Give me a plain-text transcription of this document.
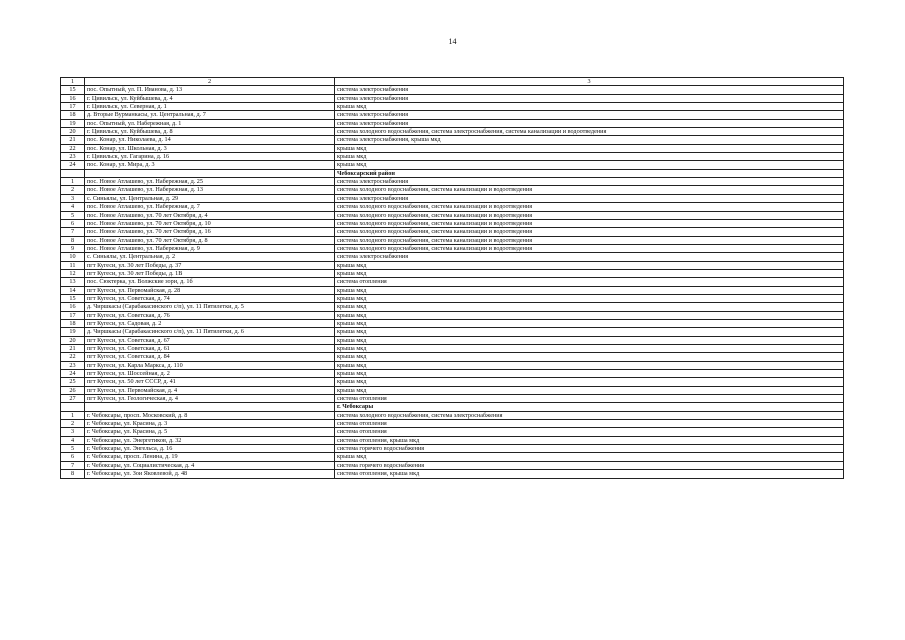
14
1	2	3
15	пос. Опытный, ул. П. Иванова, д. 13	система электроснабжения
16	г. Цивильск, ул. Куйбышева, д. 4	система электроснабжения
17	г. Цивильск, ул. Северная, д. 1	крыша мкд
18	д. Вторые Вурманкасы, ул. Центральная, д. 7	система электроснабжения
19	пос. Опытный, ул. Набережная, д. 1	система электроснабжения
20	г. Цивильск, ул. Куйбышева, д. 8	система холодного водоснабжения, система электроснабжения, система канализации и водоотведения
21	пос. Конар, ул. Николаева, д. 14	система электроснабжения, крыша мкд
22	пос. Конар, ул. Школьная, д. 3	крыша мкд
23	г. Цивильск, ул. Гагарина, д. 16	крыша мкд
24	пос. Конар, ул. Мира, д. 3	крыша мкд
		Чебоксарский район
1	пос. Новое Атлашево, ул. Набережная, д. 25	система электроснабжения
2	пос. Новое Атлашево, ул. Набережная, д. 13	система холодного водоснабжения, система канализации и водоотведения
3	с. Синьялы, ул. Центральная, д. 29	система электроснабжения
4	пос. Новое Атлашево, ул. Набережная, д. 7	система холодного водоснабжения, система канализации и водоотведения
5	пос. Новое Атлашево, ул. 70 лет Октября, д. 4	система холодного водоснабжения, система канализации и водоотведения
6	пос. Новое Атлашево, ул. 70 лет Октября, д. 10	система холодного водоснабжения, система канализации и водоотведения
7	пос. Новое Атлашево, ул. 70 лет Октября, д. 16	система холодного водоснабжения, система канализации и водоотведения
8	пос. Новое Атлашево, ул. 70 лет Октября, д. 8	система холодного водоснабжения, система канализации и водоотведения
9	пос. Новое Атлашево, ул. Набережная, д. 9	система холодного водоснабжения, система канализации и водоотведения
10	с. Синьялы, ул. Центральная, д. 2	система электроснабжения
11	пгт Кугеси, ул. 30 лет Победы, д. 37	крыша мкд
12	пгт Кугеси, ул. 30 лет Победы, д. 1В	крыша мкд
13	пос. Сюктерка, ул. Волжские зори, д. 1б	система отопления
14	пгт Кугеси, ул. Первомайская, д. 28	крыша мкд
15	пгт Кугеси, ул. Советская, д. 74	крыша мкд
16	д. Чиршкасы (Сарабакасинского с/п), ул. 11 Пятилетки, д. 5	крыша мкд
17	пгт Кугеси, ул. Советская, д. 76	крыша мкд
18	пгт Кугеси, ул. Садовая, д. 2	крыша мкд
19	д. Чиршкасы (Сарабакасинского с/п), ул. 11 Пятилетки, д. 6	крыша мкд
20	пгт Кугеси, ул. Советская, д. 67	крыша мкд
21	пгт Кугеси, ул. Советская, д. 61	крыша мкд
22	пгт Кугеси, ул. Советская, д. 84	крыша мкд
23	пгт Кугеси, ул. Карла Маркса, д. 110	крыша мкд
24	пгт Кугеси, ул. Шоссейная, д. 2	крыша мкд
25	пгт Кугеси, ул. 50 лет СССР, д. 41	крыша мкд
26	пгт Кугеси, ул. Первомайская, д. 4	крыша мкд
27	пгт Кугеси, ул. Геологическая, д. 4	система отопления
		г. Чебоксары
1	г. Чебоксары, просп. Московский, д. 8	система холодного водоснабжения, система электроснабжения
2	г. Чебоксары, ул. Красина, д. 3	система отопления
3	г. Чебоксары, ул. Красина, д. 5	система отопления
4	г. Чебоксары, ул. Энергетиков, д. 32	система отопления, крыша мкд
5	г. Чебоксары, ул. Энгельса, д. 16	система горячего водоснабжения
6	г. Чебоксары, просп. Ленина, д. 19	крыша мкд
7	г. Чебоксары, ул. Социалистическая, д. 4	система горячего водоснабжения
8	г. Чебоксары, ул. Зои Яковлевой, д. 48	система отопления, крыша мкд
